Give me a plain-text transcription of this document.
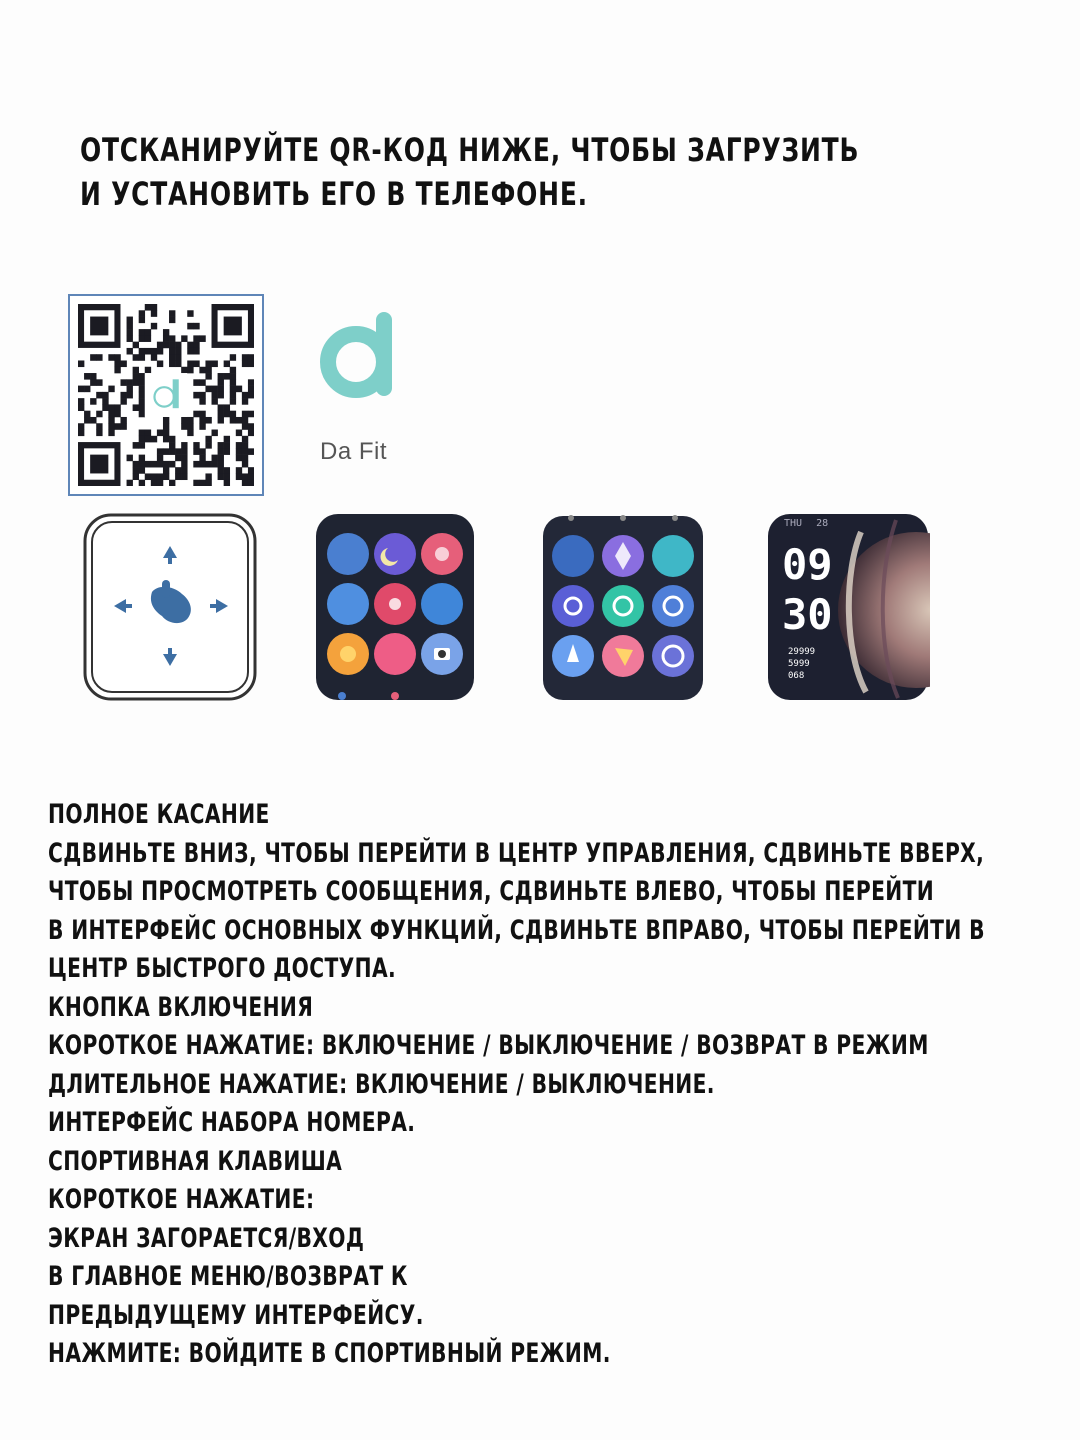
ОТСКАНИРУЙТЕ QR-КОД НИЖЕ, ЧТОБЫ ЗАГРУЗИТЬ
И УСТАНОВИТЬ ЕГО В ТЕЛЕФОНЕ.
Da Fit
THU 28
09
30
29999
5999
068
ПОЛНОЕ КАСАНИЕ
СДВИНЬТЕ ВНИЗ, ЧТОБЫ ПЕРЕЙТИ В ЦЕНТР УПРАВЛЕНИЯ, СДВИНЬТЕ ВВЕРХ,
ЧТОБЫ ПРОСМОТРЕТЬ СООБЩЕНИЯ, СДВИНЬТЕ ВЛЕВО, ЧТОБЫ ПЕРЕЙТИ
В ИНТЕРФЕЙС ОСНОВНЫХ ФУНКЦИЙ, СДВИНЬТЕ ВПРАВО, ЧТОБЫ ПЕРЕЙТИ В
ЦЕНТР БЫСТРОГО ДОСТУПА.
КНОПКА ВКЛЮЧЕНИЯ
КОРОТКОЕ НАЖАТИЕ: ВКЛЮЧЕНИЕ / ВЫКЛЮЧЕНИЕ / ВОЗВРАТ В РЕЖИМ
ДЛИТЕЛЬНОЕ НАЖАТИЕ: ВКЛЮЧЕНИЕ / ВЫКЛЮЧЕНИЕ.
ИНТЕРФЕЙС НАБОРА НОМЕРА.
СПОРТИВНАЯ КЛАВИША
КОРОТКОЕ НАЖАТИЕ:
ЭКРАН ЗАГОРАЕТСЯ/ВХОД
В ГЛАВНОЕ МЕНЮ/ВОЗВРАТ К
ПРЕДЫДУЩЕМУ ИНТЕРФЕЙСУ.
НАЖМИТЕ: ВОЙДИТЕ В СПОРТИВНЫЙ РЕЖИМ.
